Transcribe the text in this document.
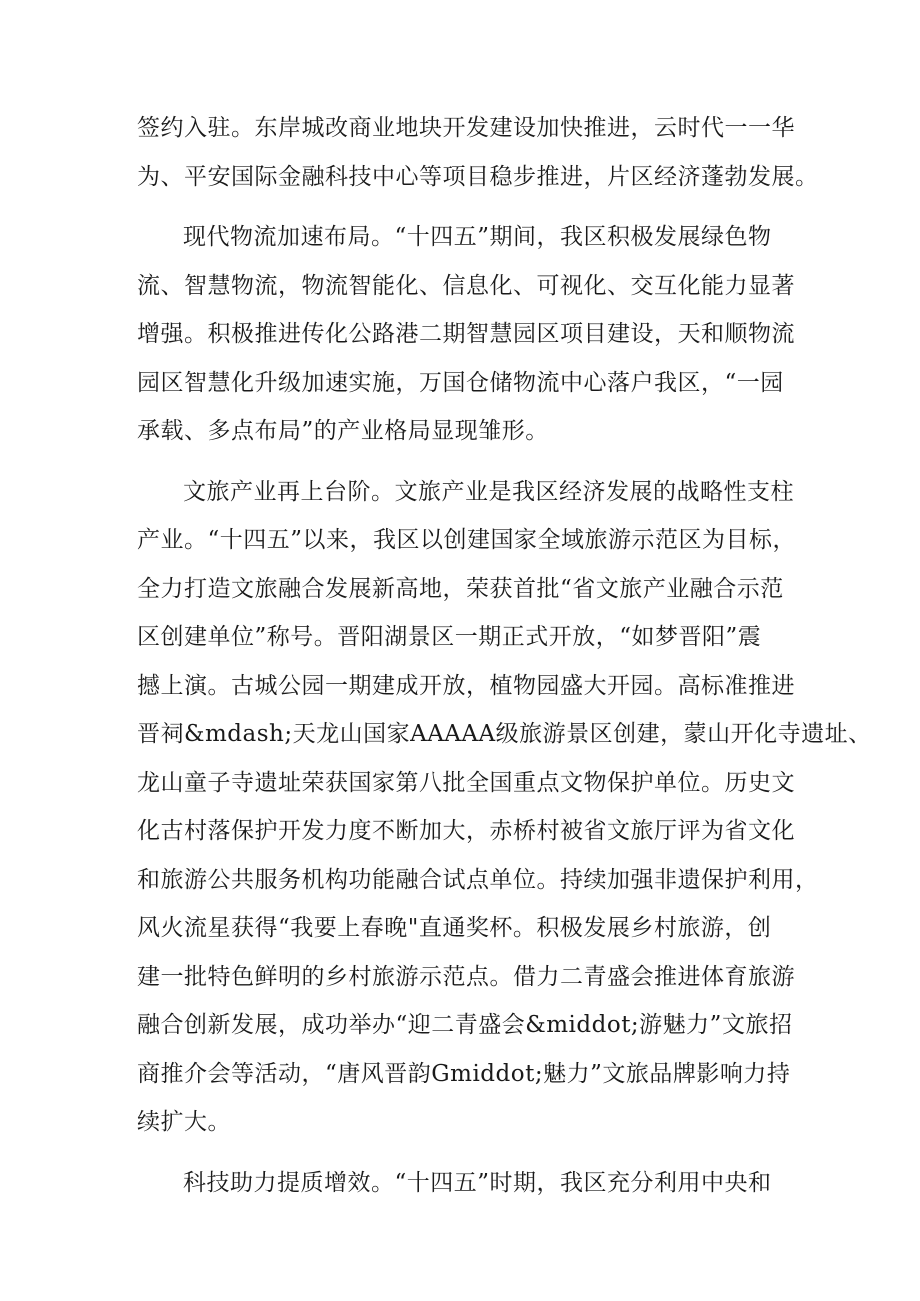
签约入驻。东岸城改商业地块开发建设加快推进，云时代一一华
为、平安国际金融科技中心等项目稳步推进，片区经济蓬勃发展。
现代物流加速布局。“十四五”期间，我区积极发展绿色物
流、智慧物流，物流智能化、信息化、可视化、交互化能力显著
增强。积极推进传化公路港二期智慧园区项目建设，天和顺物流
园区智慧化升级加速实施，万国仓储物流中心落户我区，“一园
承载、多点布局”的产业格局显现雏形。
文旅产业再上台阶。文旅产业是我区经济发展的战略性支柱
产业。“十四五”以来，我区以创建国家全域旅游示范区为目标，
全力打造文旅融合发展新高地，荣获首批“省文旅产业融合示范
区创建单位”称号。晋阳湖景区一期正式开放，“如梦晋阳”震
撼上演。古城公园一期建成开放，植物园盛大开园。高标准推进
晋祠&mdash;天龙山国家AAAAA级旅游景区创建，蒙山开化寺遗址、
龙山童子寺遗址荣获国家第八批全国重点文物保护单位。历史文
化古村落保护开发力度不断加大，赤桥村被省文旅厅评为省文化
和旅游公共服务机构功能融合试点单位。持续加强非遗保护利用，
风火流星获得“我要上春晚"直通奖杯。积极发展乡村旅游，创
建一批特色鲜明的乡村旅游示范点。借力二青盛会推进体育旅游
融合创新发展，成功举办“迎二青盛会&middot;游魅力”文旅招
商推介会等活动，“唐风晋韵Gmiddot;魅力”文旅品牌影响力持
续扩大。
科技助力提质增效。“十四五”时期，我区充分利用中央和
